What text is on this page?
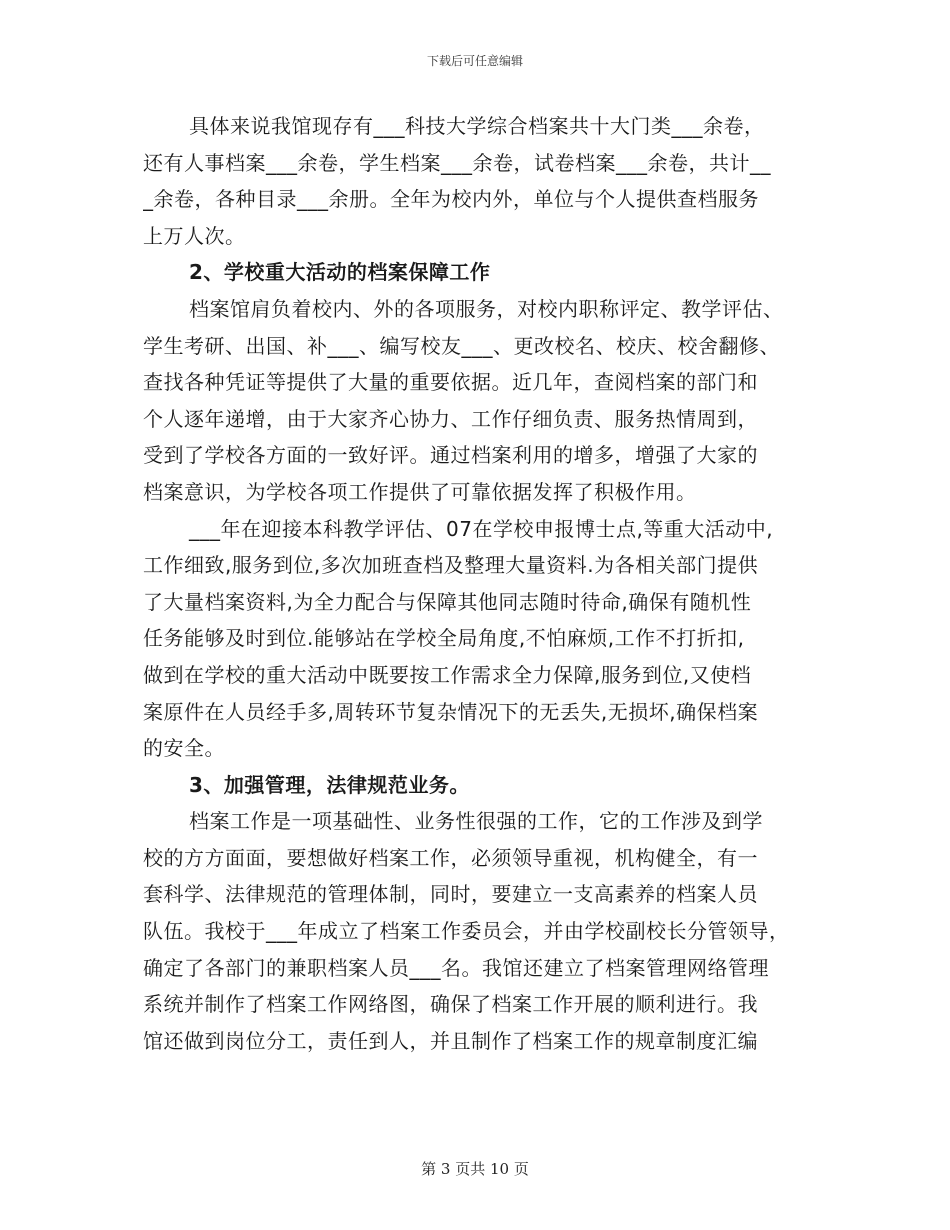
下载后可任意编辑
具体来说我馆现存有___科技大学综合档案共十大门类___余卷，
还有人事档案___余卷，学生档案___余卷，试卷档案___余卷，共计__
_余卷，各种目录___余册。全年为校内外，单位与个人提供查档服务
上万人次。
2、学校重大活动的档案保障工作
档案馆肩负着校内、外的各项服务，对校内职称评定、教学评估、
学生考研、出国、补___、编写校友___、更改校名、校庆、校舍翻修、
查找各种凭证等提供了大量的重要依据。近几年，查阅档案的部门和
个人逐年递增，由于大家齐心协力、工作仔细负责、服务热情周到，
受到了学校各方面的一致好评。通过档案利用的增多，增强了大家的
档案意识，为学校各项工作提供了可靠依据发挥了积极作用。
___年在迎接本科教学评估、07在学校申报博士点,等重大活动中,
工作细致,服务到位,多次加班查档及整理大量资料.为各相关部门提供
了大量档案资料,为全力配合与保障其他同志随时待命,确保有随机性
任务能够及时到位.能够站在学校全局角度,不怕麻烦,工作不打折扣,
做到在学校的重大活动中既要按工作需求全力保障,服务到位,又使档
案原件在人员经手多,周转环节复杂情况下的无丢失,无损坏,确保档案
的安全。
3、加强管理，法律规范业务。
档案工作是一项基础性、业务性很强的工作，它的工作涉及到学
校的方方面面，要想做好档案工作，必须领导重视，机构健全，有一
套科学、法律规范的管理体制，同时，要建立一支高素养的档案人员
队伍。我校于___年成立了档案工作委员会，并由学校副校长分管领导，
确定了各部门的兼职档案人员___名。我馆还建立了档案管理网络管理
系统并制作了档案工作网络图，确保了档案工作开展的顺利进行。我
馆还做到岗位分工，责任到人，并且制作了档案工作的规章制度汇编
第 3 页共 10 页
